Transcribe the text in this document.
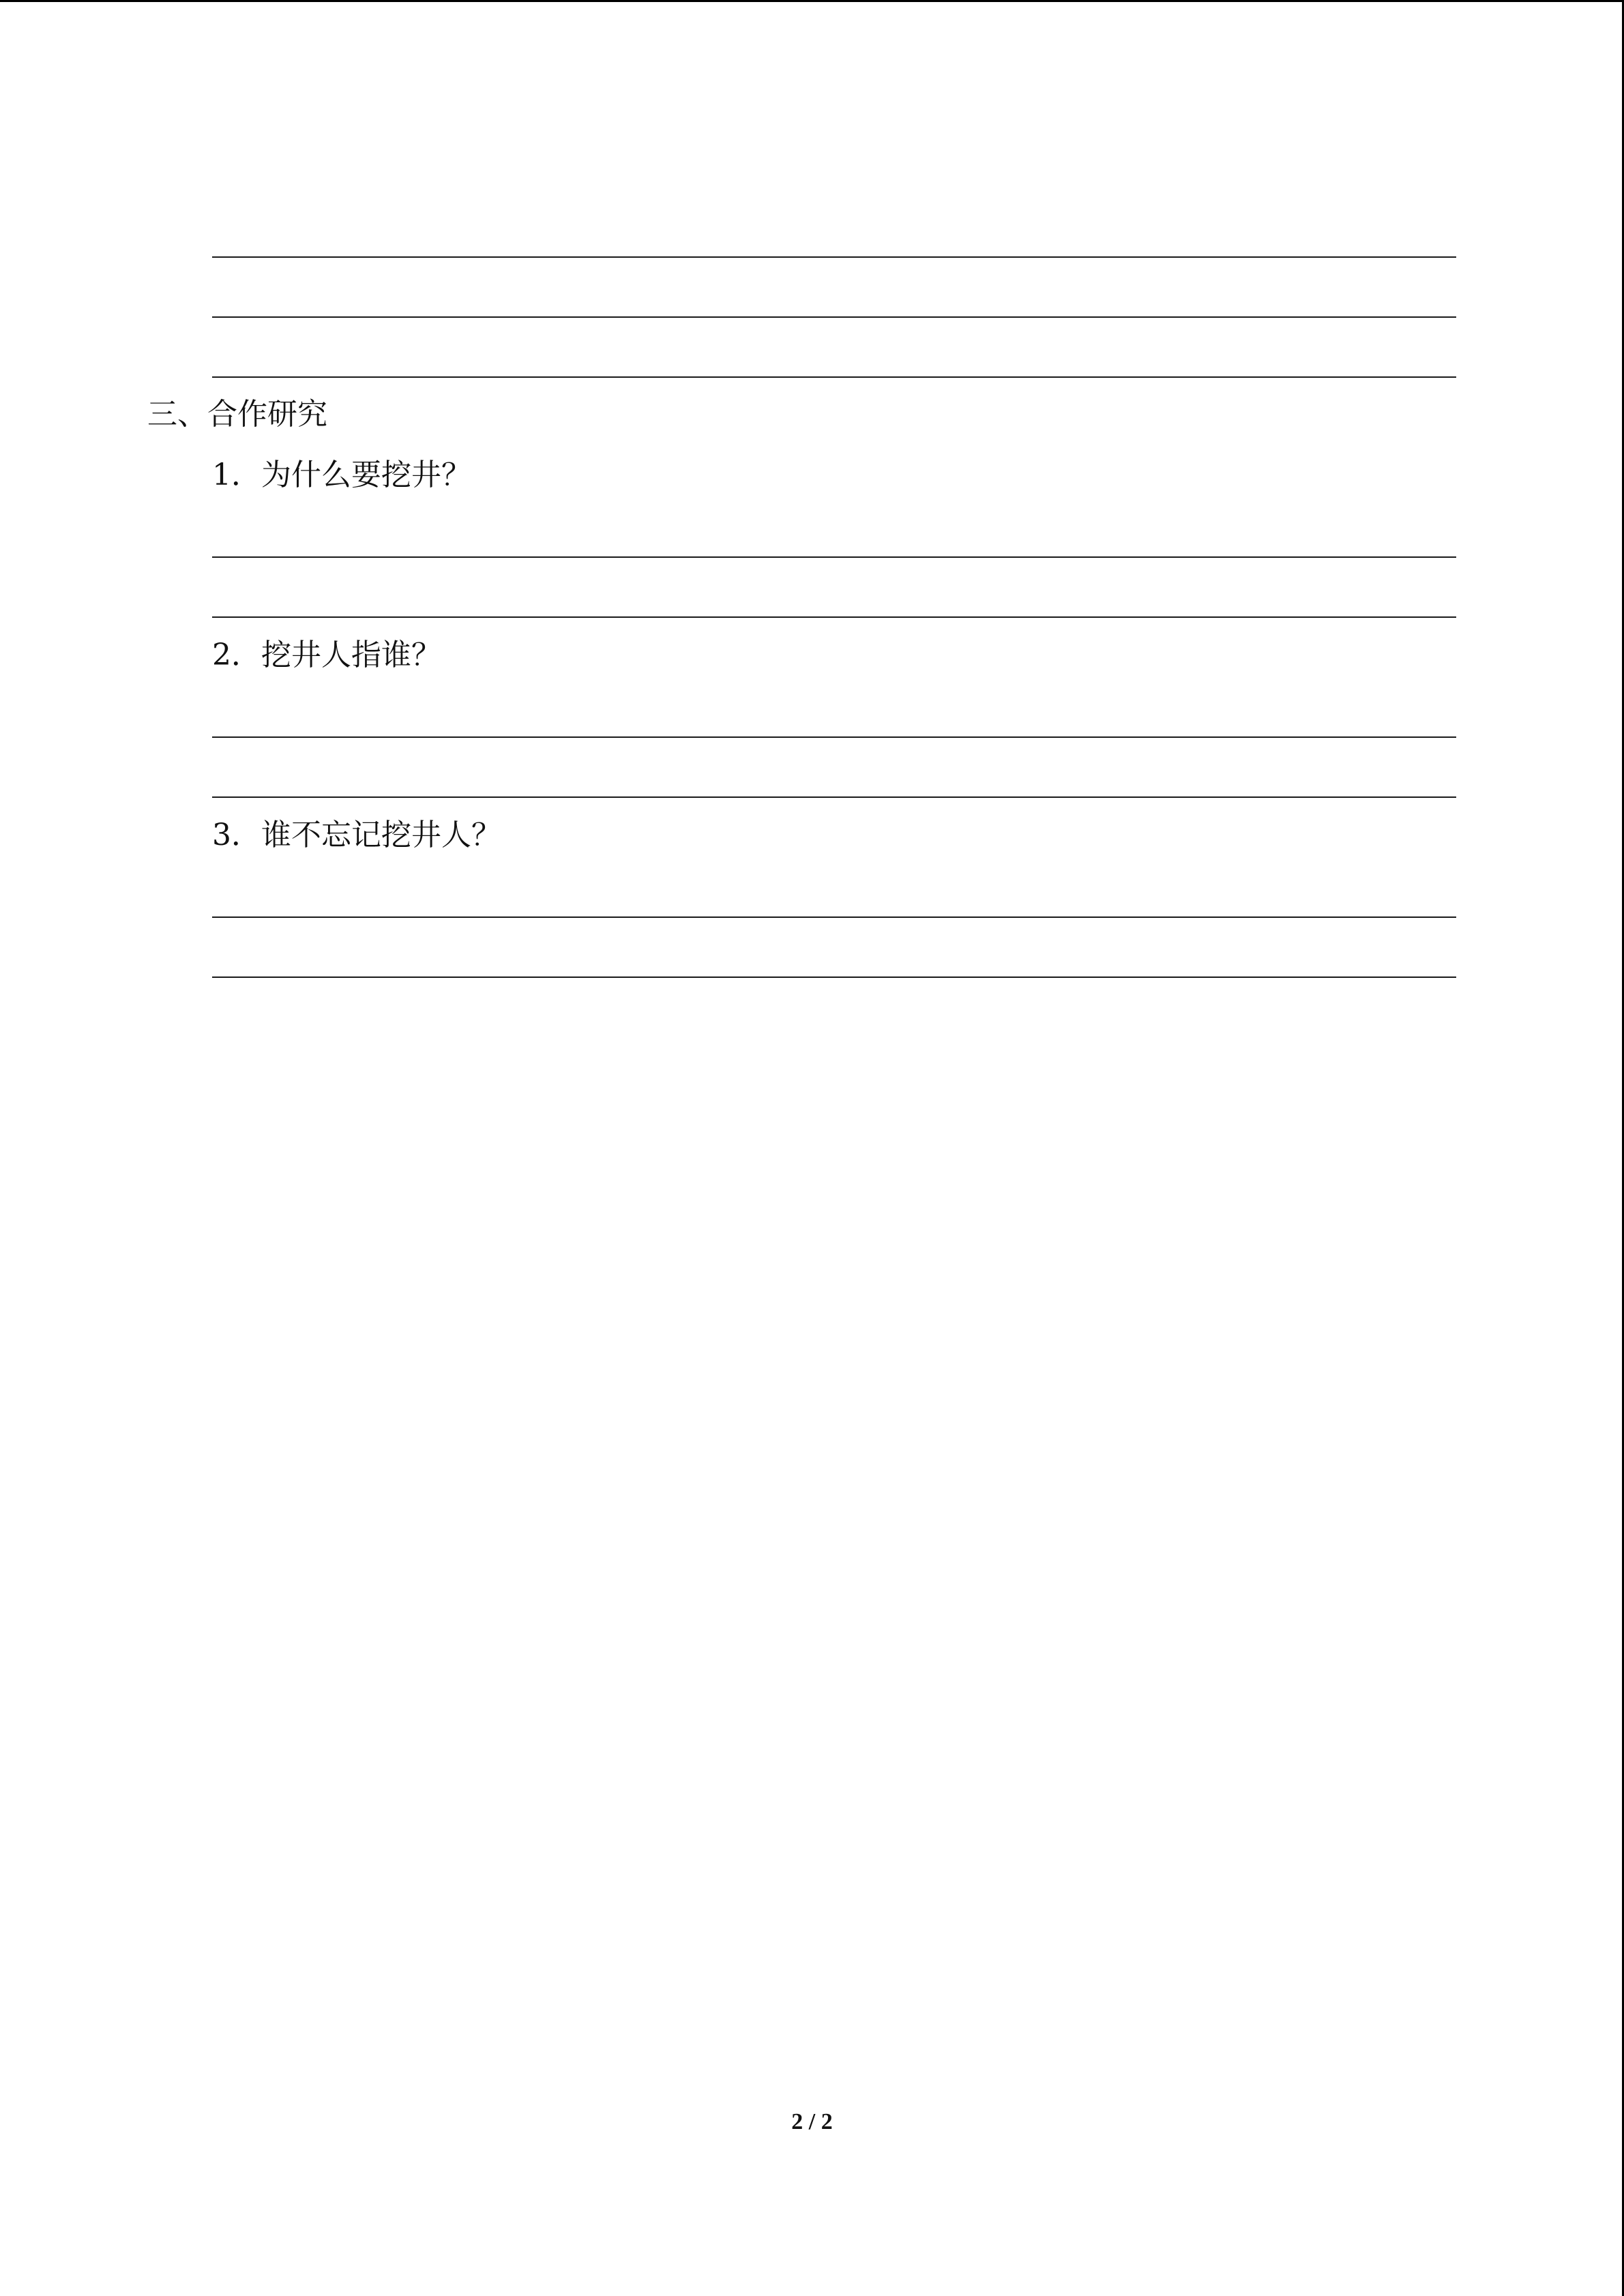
三、合作研究
1．为什么要挖井？
2．挖井人指谁？
3．谁不忘记挖井人？
2 / 2
